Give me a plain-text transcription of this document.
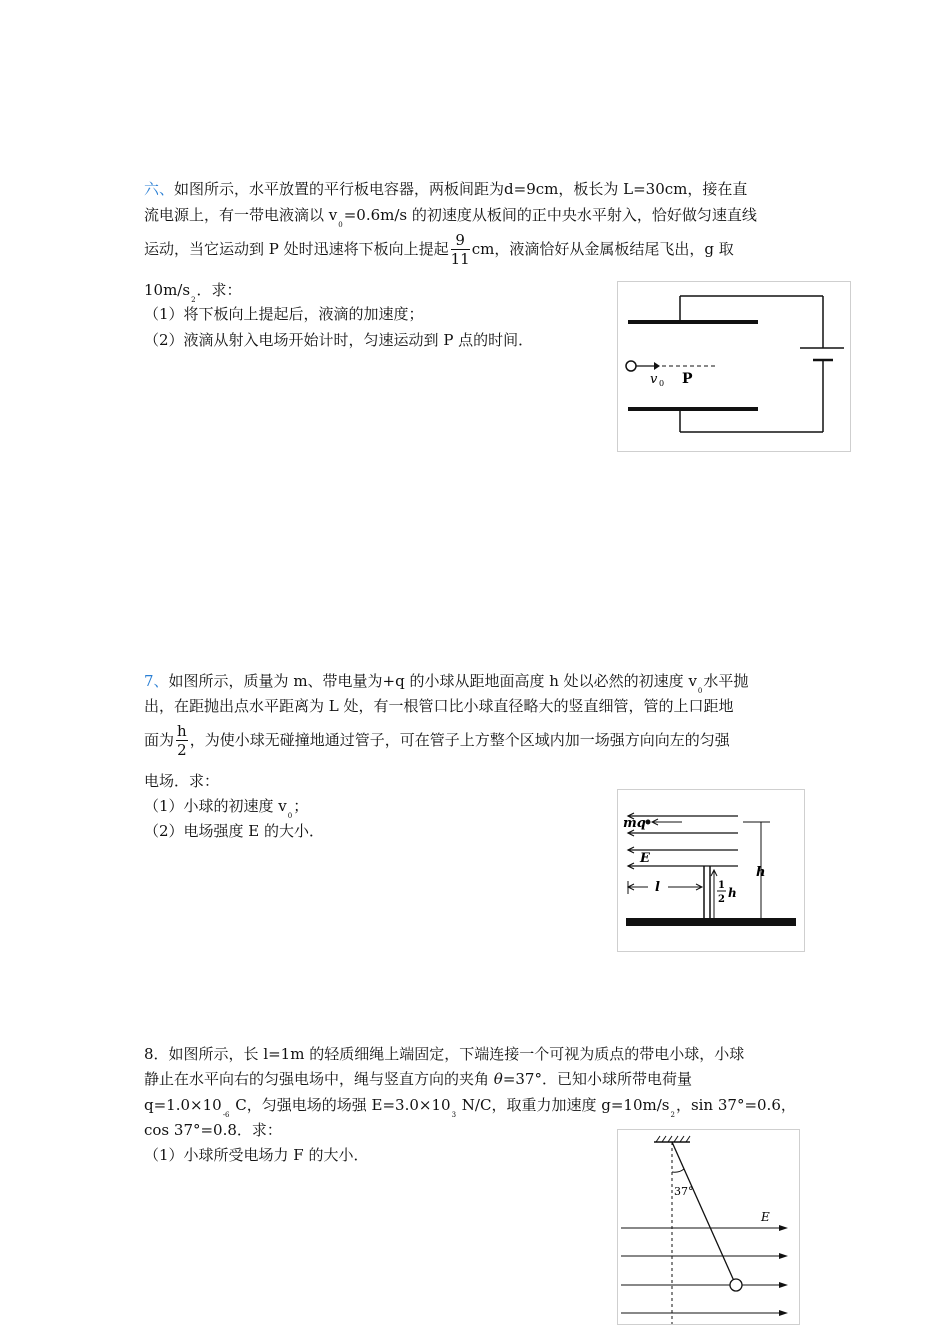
六、如图所示，水平放置的平行板电容器，两板间距为d=9cm，板长为 L=30cm，接在直
流电源上，有一带电液滴以 $v_0=0.6m/s$ 的初速度从板间的正中央水平射入，恰好做匀速直线
运动，当它运动到 P 处时迅速将下板向上提起 $\frac{9}{11}$ cm，液滴恰好从金属板结尾飞出，g 取
$10m/s_2$．求：
（1）将下板向上提起后，液滴的加速度；
（2）液滴从射入电场开始计时，匀速运动到 P 点的时间．
v 0 P
7、如图所示，质量为 m、带电量为+q 的小球从距地面高度 h 处以必然的初速度 $v_0$水平抛
出，在距抛出点水平距离为 L 处，有一根管口比小球直径略大的竖直细管，管的上口距地
面为 $\frac{h}{2}$ ，为使小球无碰撞地通过管子，可在管子上方整个区域内加一场强方向向左的匀强
电场．求：
（1）小球的初速度 $v_0$；
（2）电场强度 E 的大小．	mq
E
l	1
2 h
h
8．如图所示，长 l=1m 的轻质细绳上端固定，下端连接一个可视为质点的带电小球，小球
静止在水平向右的匀强电场中，绳与竖直方向的夹角 θ=37°．已知小球所带电荷量
$q=1.0\times 10_{-6}$ C，匀强电场的场强 $E=3.0\times 10_3$ N/C，取重力加速度 $g=10m/s_2$，sin 37°=0.6，
cos 37°=0.8．求：
（1）小球所受电场力 F 的大小．
37°
E
